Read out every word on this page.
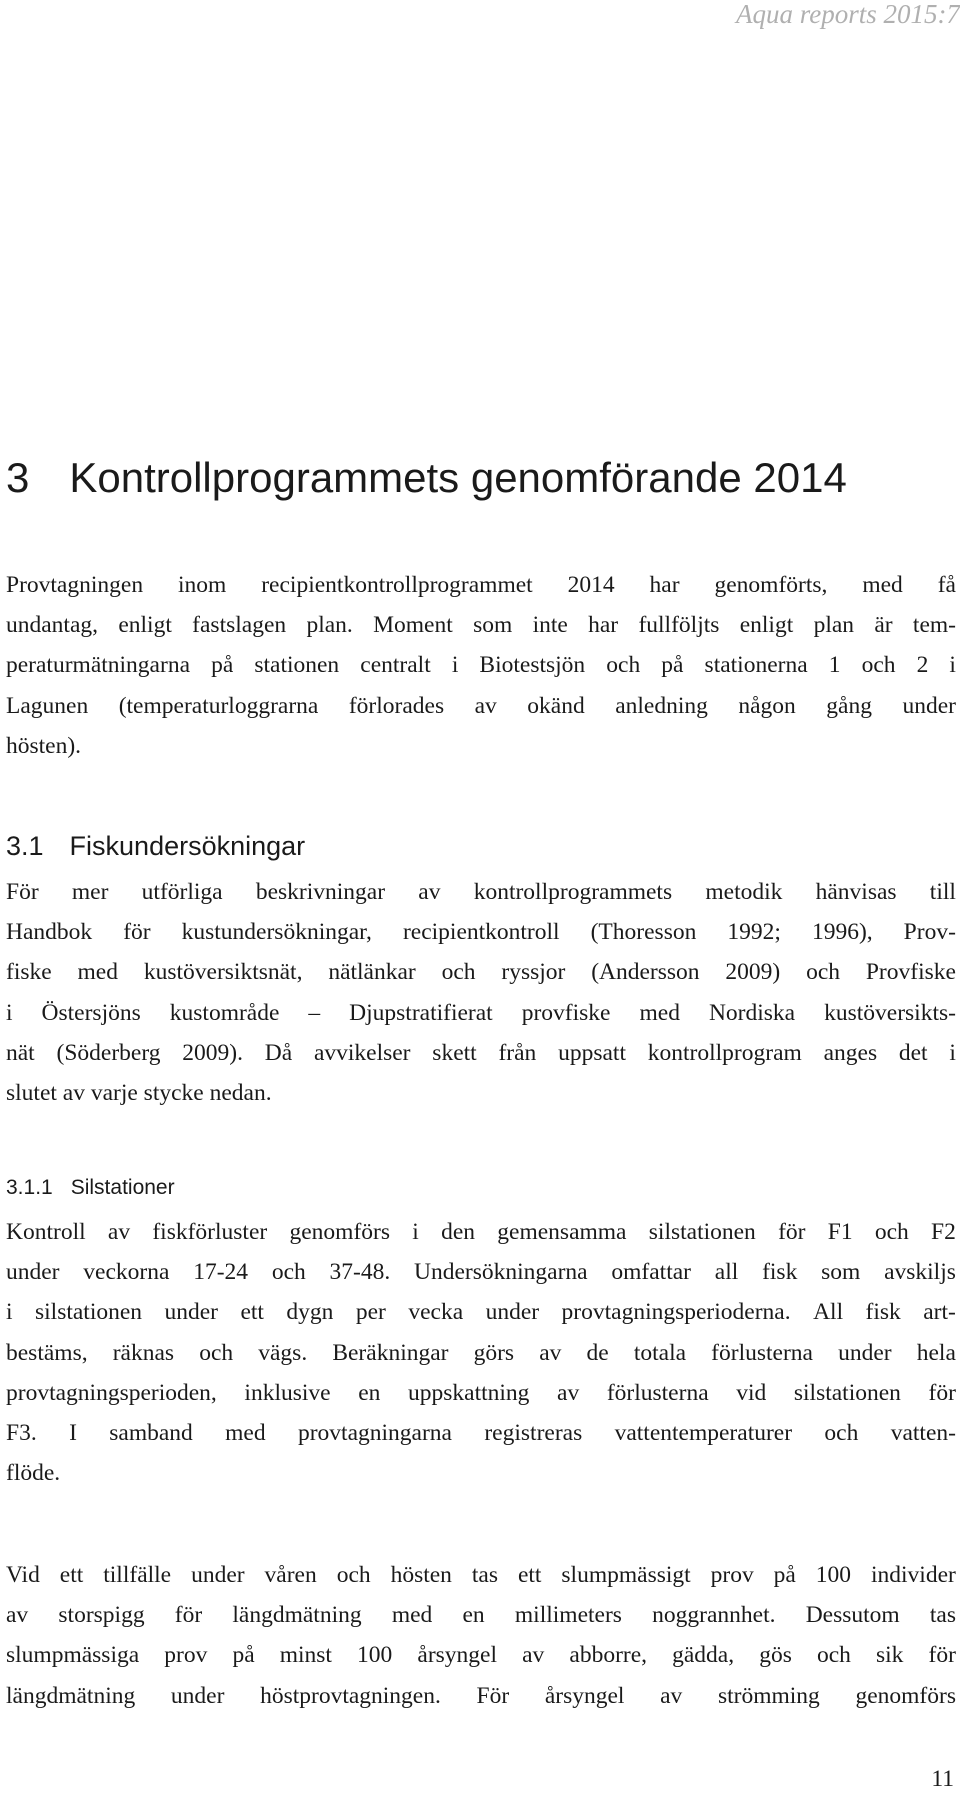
Aqua reports 2015:7
3 Kontrollprogrammets genomförande 2014
Provtagningen inom recipientkontrollprogrammet 2014 har genomförts, med få
undantag, enligt fastslagen plan. Moment som inte har fullföljts enligt plan är tem-
peraturmätningarna på stationen centralt i Biotestsjön och på stationerna 1 och 2 i
Lagunen (temperaturloggrarna förlorades av okänd anledning någon gång under
hösten).
3.1 Fiskundersökningar
För mer utförliga beskrivningar av kontrollprogrammets metodik hänvisas till
Handbok för kustundersökningar, recipientkontroll (Thoresson 1992; 1996), Prov-
fiske med kustöversiktsnät, nätlänkar och ryssjor (Andersson 2009) och Provfiske
i Östersjöns kustområde – Djupstratifierat provfiske med Nordiska kustöversikts-
nät (Söderberg 2009). Då avvikelser skett från uppsatt kontrollprogram anges det i
slutet av varje stycke nedan.
3.1.1 Silstationer
Kontroll av fiskförluster genomförs i den gemensamma silstationen för F1 och F2
under veckorna 17-24 och 37-48. Undersökningarna omfattar all fisk som avskiljs
i silstationen under ett dygn per vecka under provtagningsperioderna. All fisk art-
bestäms, räknas och vägs. Beräkningar görs av de totala förlusterna under hela
provtagningsperioden, inklusive en uppskattning av förlusterna vid silstationen för
F3. I samband med provtagningarna registreras vattentemperaturer och vatten-
flöde.
Vid ett tillfälle under våren och hösten tas ett slumpmässigt prov på 100 individer
av storspigg för längdmätning med en millimeters noggrannhet. Dessutom tas
slumpmässiga prov på minst 100 årsyngel av abborre, gädda, gös och sik för
längdmätning under höstprovtagningen. För årsyngel av strömming genomförs
11
